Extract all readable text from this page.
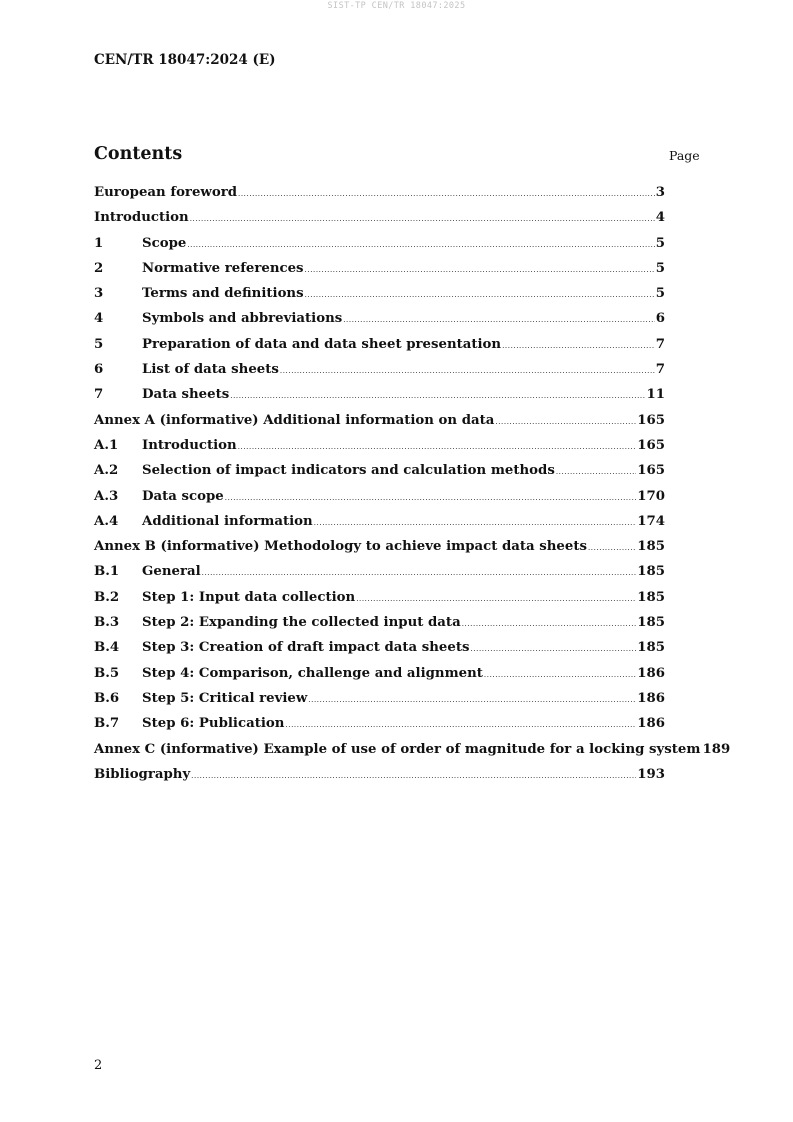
SIST-TP CEN/TR 18047:2025
CEN/TR 18047:2024 (E)
Contents	Page
European foreword .....	3
Introduction .....	4
1	Scope .....	5
2	Normative references .....	5
3	Terms and definitions .....	5
4	Symbols and abbreviations .....	6
5	Preparation of data and data sheet presentation .....	7
6	List of data sheets .....	7
7	Data sheets .....	11
Annex A (informative) Additional information on data .....	165
A.1	Introduction .....	165
A.2	Selection of impact indicators and calculation methods .....	165
A.3	Data scope .....	170
A.4	Additional information .....	174
Annex B (informative) Methodology to achieve impact data sheets .....	185
B.1	General .....	185
B.2	Step 1: Input data collection .....	185
B.3	Step 2: Expanding the collected input data .....	185
B.4	Step 3: Creation of draft impact data sheets .....	185
B.5	Step 4: Comparison, challenge and alignment .....	186
B.6	Step 5: Critical review .....	186
B.7	Step 6: Publication .....	186
Annex C (informative) Example of use of order of magnitude for a locking system 189
Bibliography .....	193
2
